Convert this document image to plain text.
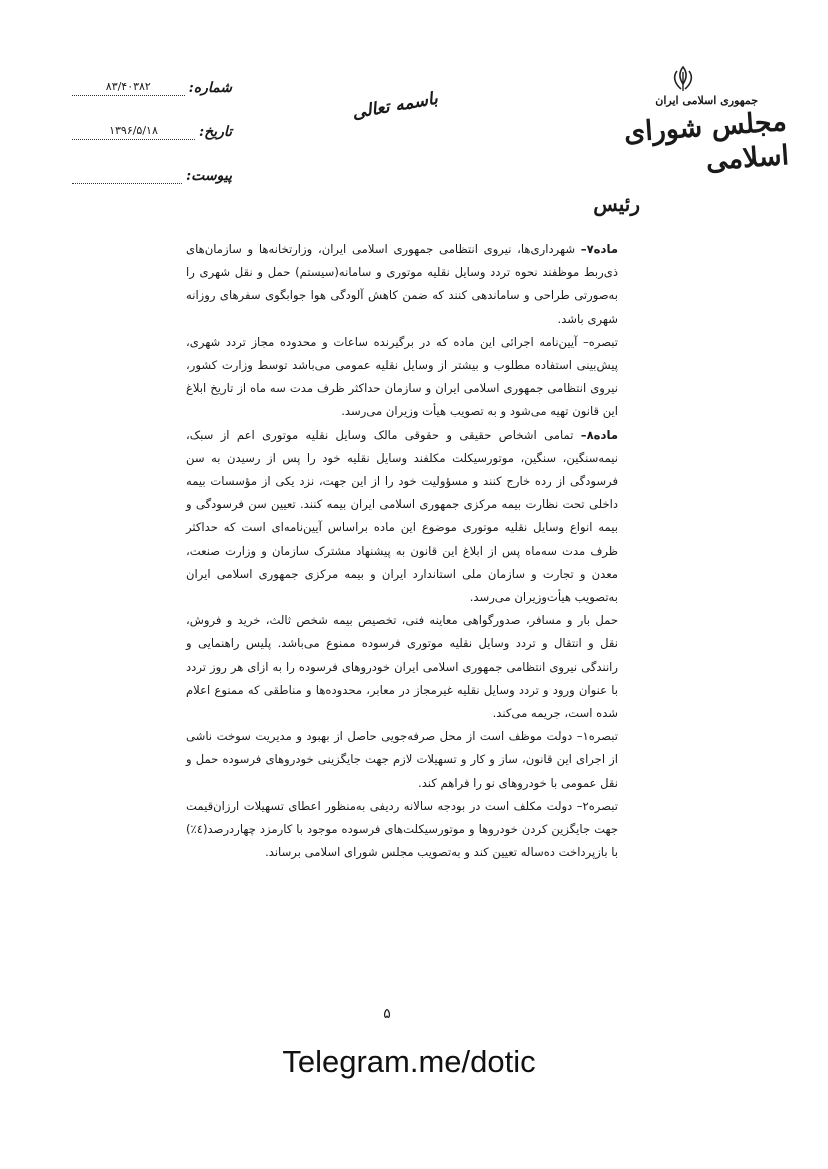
جمهوری اسلامی ایران
مجلس شورای اسلامی
رئیس
باسمه تعالی
شماره:
۸۳/۴۰۳۸۲
تاریخ:
۱۳۹۶/۵/۱۸
پیوست:

ماده۷– شهرداری‌ها، نیروی انتظامی جمهوری اسلامی ایران، وزارتخانه‌ها و سازمان‌های ذی‌ربط موظفند نحوه تردد وسایل نقلیه موتوری و سامانه(سیستم) حمل و نقل شهری را به‌صورتی طراحی و ساماندهی کنند که ضمن کاهش آلودگی هوا جوابگوی سفرهای روزانه شهری باشد.

تبصره– آیین‌نامه اجرائی این ماده که در برگیرنده ساعات و محدوده مجاز تردد شهری، پیش‌بینی استفاده مطلوب و بیشتر از وسایل نقلیه عمومی می‌باشد توسط وزارت کشور، نیروی انتظامی جمهوری اسلامی ایران و سازمان حداکثر ظرف مدت سه ماه از تاریخ ابلاغ این قانون تهیه می‌شود و به تصویب هیأت وزیران می‌رسد.

ماده۸– تمامی اشخاص حقیقی و حقوقی مالک وسایل نقلیه موتوری اعم از سبک، نیمه‌سنگین، سنگین، موتورسیکلت مکلفند وسایل نقلیه خود را پس از رسیدن به سن فرسودگی از رده خارج کنند و مسؤولیت خود را از این جهت، نزد یکی از مؤسسات بیمه داخلی تحت نظارت بیمه مرکزی جمهوری اسلامی ایران بیمه کنند. تعیین سن فرسودگی و بیمه انواع وسایل نقلیه موتوری موضوع این ماده براساس آیین‌نامه‌ای است که حداکثر ظرف مدت سه‌ماه پس از ابلاغ این قانون به پیشنهاد مشترک سازمان و وزارت صنعت، معدن و تجارت و سازمان ملی استاندارد ایران و بیمه مرکزی جمهوری اسلامی ایران به‌تصویب هیأت‌وزیران می‌رسد.

حمل بار و مسافر، صدورگواهی معاینه فنی، تخصیص بیمه شخص ثالث، خرید و فروش، نقل و انتقال و تردد وسایل نقلیه موتوری فرسوده ممنوع می‌باشد. پلیس راهنمایی و رانندگی نیروی انتظامی جمهوری اسلامی ایران خودروهای فرسوده را به ازای هر روز تردد با عنوان ورود و تردد وسایل نقلیه غیرمجاز در معابر، محدوده‌ها و مناطقی که ممنوع اعلام شده است، جریمه می‌کند.

تبصره۱– دولت موظف است از محل صرفه‌جویی حاصل از بهبود و مدیریت سوخت ناشی از اجرای این قانون، ساز و کار و تسهیلات لازم جهت جایگزینی خودروهای فرسوده حمل و نقل عمومی با خودروهای نو را فراهم کند.

تبصره۲– دولت مکلف است در بودجه سالانه ردیفی به‌منظور اعطای تسهیلات ارزان‌قیمت جهت جایگزین کردن خودروها و موتورسیکلت‌های فرسوده موجود با کارمزد چهاردرصد(٤٪) با بازپرداخت ده‌ساله تعیین کند و به‌تصویب مجلس شورای اسلامی برساند.

۵
Telegram.me/dotic
